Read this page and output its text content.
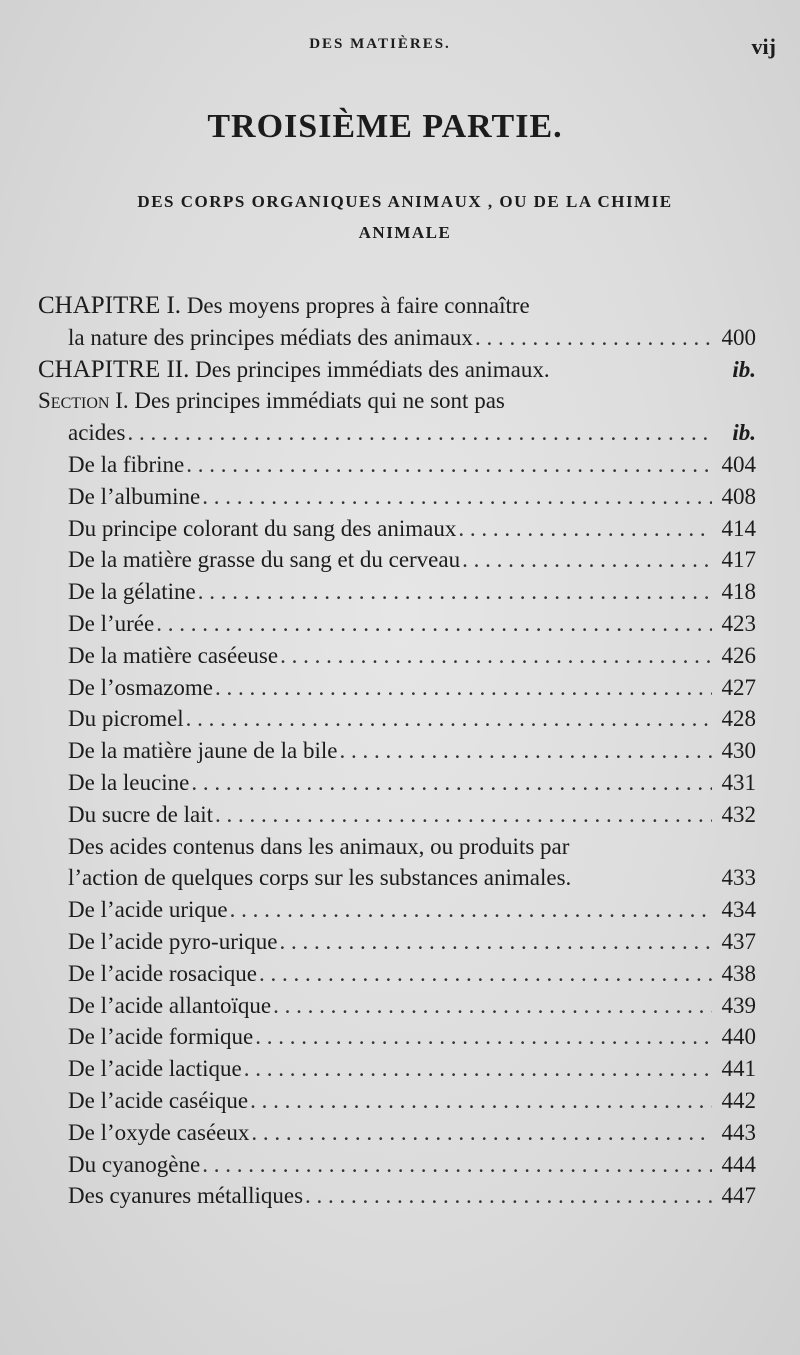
DES MATIÈRES.	vij
TROISIÈME PARTIE.
DES CORPS ORGANIQUES ANIMAUX , OU DE LA CHIMIE
ANIMALE
CHAPITRE I. Des moyens propres à faire connaître
la nature des principes médiats des animaux . . .	400
CHAPITRE II. Des principes immédiats des animaux.	ib.
Section I. Des principes immédiats qui ne sont pas
acides . . .	ib.
De la fibrine . . .	404
De l’albumine . . .	408
Du principe colorant du sang des animaux . . .	414
De la matière grasse du sang et du cerveau . . .	417
De la gélatine . . .	418
De l’urée . . .	423
De la matière caséeuse . . .	426
De l’osmazome . . .	427
Du picromel . . .	428
De la matière jaune de la bile . . .	430
De la leucine . . .	431
Du sucre de lait . . .	432
Des acides contenus dans les animaux, ou produits par
l’action de quelques corps sur les substances animales.	433
De l’acide urique . . .	434
De l’acide pyro-urique . . .	437
De l’acide rosacique . . .	438
De l’acide allantoïque . . .	439
De l’acide formique . . .	440
De l’acide lactique . . .	441
De l’acide caséique . . .	442
De l’oxyde caséeux . . .	443
Du cyanogène . . .	444
Des cyanures métalliques . . .	447
